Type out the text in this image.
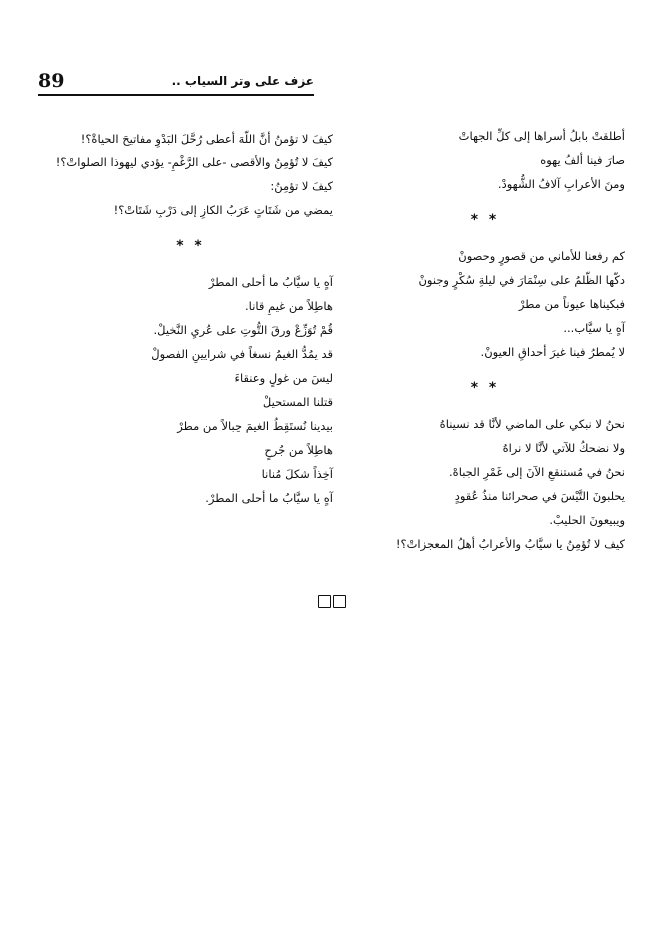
89	عزف على وتر السياب ..
أطلقتْ بابلُ أسراها إلى كلِّ الجهاتْ
صارَ فينا ألفُ يهوه
ومنَ الأعرابِ آلافُ الشُّهودْ.
* *
كم رفعنا للأماني من قصورٍ وحصونْ
دكّها الظّلمُ على سِنْمَارَ في ليلةِ سُكْرٍ وجنونْ
فبكيناها عيوناً من مطرْ
آهٍ يا سيَّاب...
لا يُمطرُ فينا غيرَ أحداقِ العيونْ.
* *
نحنُ لا نبكي على الماضي لأنَّا قد نسيناهُ
ولا نضحكُ للآتي لأنَّا لا نراهُ
نحنُ في مُستنقعِ الآنَ إلى غَمْرِ الجباهْ.
يحلبونَ التَّيْسَ في صحرائنا منذُ عُقودٍ
ويبيعونَ الحليبْ.
كيف لا تُؤمِنُ يا سيَّابُ والأعرابُ أهلُ المعجزاتْ؟!
كيفَ لا تؤمنُ أنَّ اللّهَ أعطى رُحَّلَ البَدْوِ مفاتيحَ الحياةْ؟!
كيفَ لا تُؤمِنُ والأقصى -على الرَّغْمِ- يؤدي ليهوذا الصلواتْ؟!
كيفَ لا تؤمِنُ:
يمضي من شَتَاتٍ عَرَبُ الكازِ إلى دَرْبِ شَتَاتْ؟!
* *
آهٍ يا سيَّابُ ما أحلى المطرْ
هاطِلاً من غيمِ قانا.
قُمْ تُوَزِّعْ ورقَ التُّوتِ على عُريِ النَّخيلْ.
قد يمُدُّ الغيمُ نسغاً في شرايينِ الفصولْ
ليسَ من غولٍ وعنقاءَ
قتلنا المستحيلْ
بيدينا نُستَقِطُ الغيمَ حِبالاً من مطرْ
هاطِلاً من جُرحٍ
آخِذاً شكلَ مُنانا
آهٍ يا سيَّابُ ما أحلى المطرْ.
